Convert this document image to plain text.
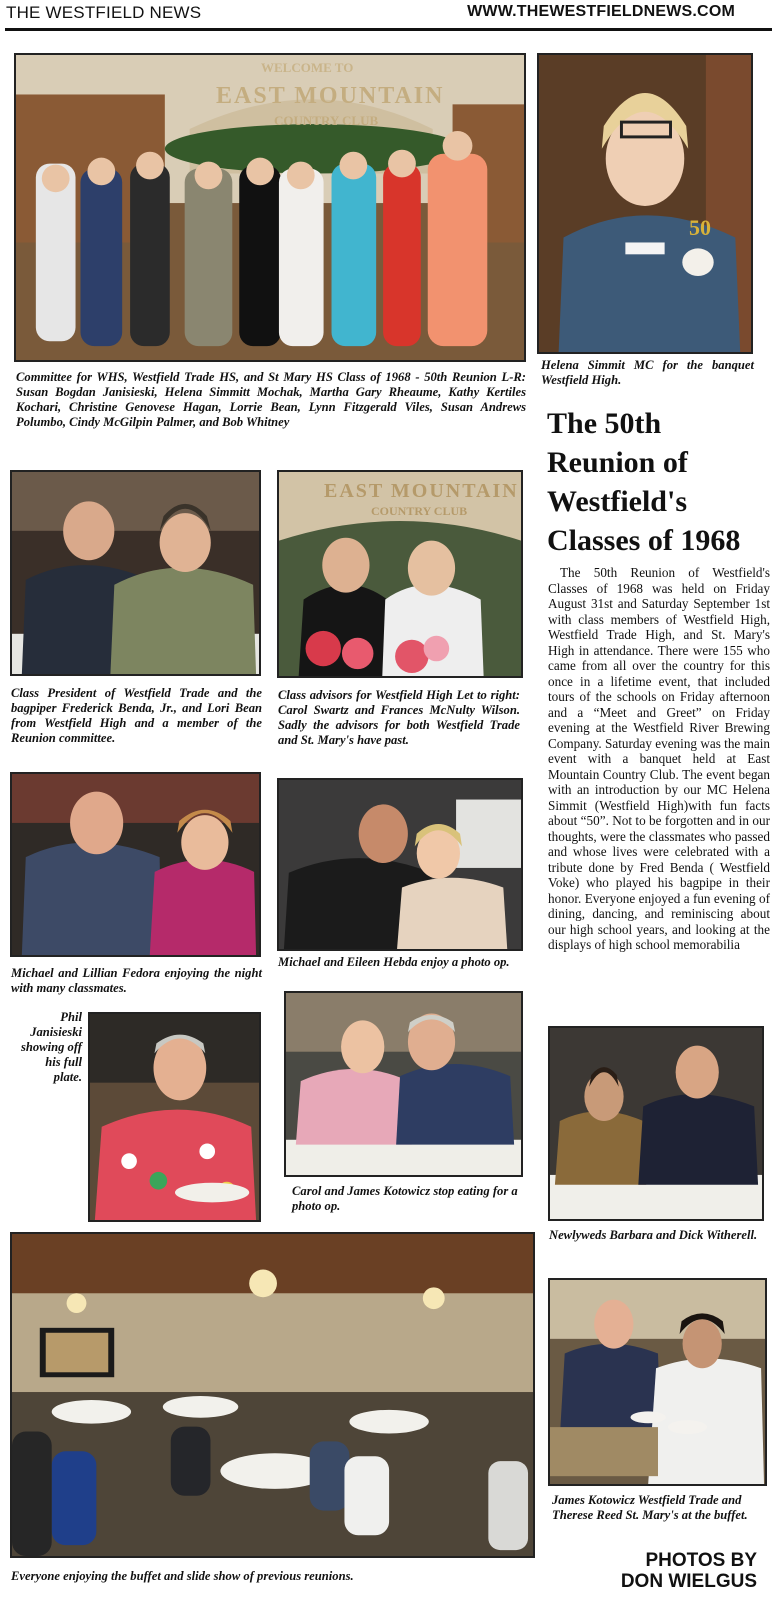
THE WESTFIELD NEWS	WWW.THEWESTFIELDNEWS.COM
WELCOME TO
EAST MOUNTAIN
COUNTRY CLUB

Committee for WHS, Westfield Trade HS, and St Mary HS Class of 1968 - 50th Reunion L-R: Susan Bogdan Janisieski, Helena Simmitt Mochak, Martha Gary Rheaume, Kathy Kertiles Kochari, Christine Genovese Hagan, Lorrie Bean, Lynn Fitzgerald Viles, Susan Andrews Polumbo, Cindy McGilpin Palmer, and Bob Whitney

50

Helena Simmit MC for the banquet Westfield High.

The 50th Reunion of Westfield's Classes of 1968

The 50th Reunion of Westfield's Classes of 1968 was held on Friday August 31st and Saturday September 1st with class members of Westfield High, Westfield Trade High, and St. Mary's High in attendance. There were 155 who came from all over the country for this once in a lifetime event, that included tours of the schools on Friday afternoon and a “Meet and Greet” on Friday evening at the Westfield River Brewing Company. Saturday evening was the main event with a banquet held at East Mountain Country Club. The event began with an introduction by our MC Helena Simmit (Westfield High)with fun facts about “50”. Not to be forgotten and in our thoughts, were the classmates who passed and whose lives were celebrated with a tribute done by Fred Benda ( Westfield Voke) who played his bagpipe in their honor. Everyone enjoyed a fun evening of dining, dancing, and reminiscing about our high school years, and looking at the displays of high school memorabilia

Class President of Westfield Trade and the bagpiper Frederick Benda, Jr., and Lori Bean from Westfield High and a member of the Reunion committee.

EAST MOUNTAIN
COUNTRY CLUB

Class advisors for Westfield High Let to right: Carol Swartz and Frances McNulty Wilson. Sadly the advisors for both Westfield Trade and St. Mary's have past.

Michael and Lillian Fedora enjoying the night with many classmates.

Michael and Eileen Hebda enjoy a photo op.

Phil Janisieski showing off his full plate.

Carol and James Kotowicz stop eating for a photo op.

Newlyweds Barbara and Dick Witherell.

Everyone enjoying the buffet and slide show of previous reunions.

James Kotowicz Westfield Trade and Therese Reed St. Mary's at the buffet.

PHOTOS BY
DON WIELGUS
